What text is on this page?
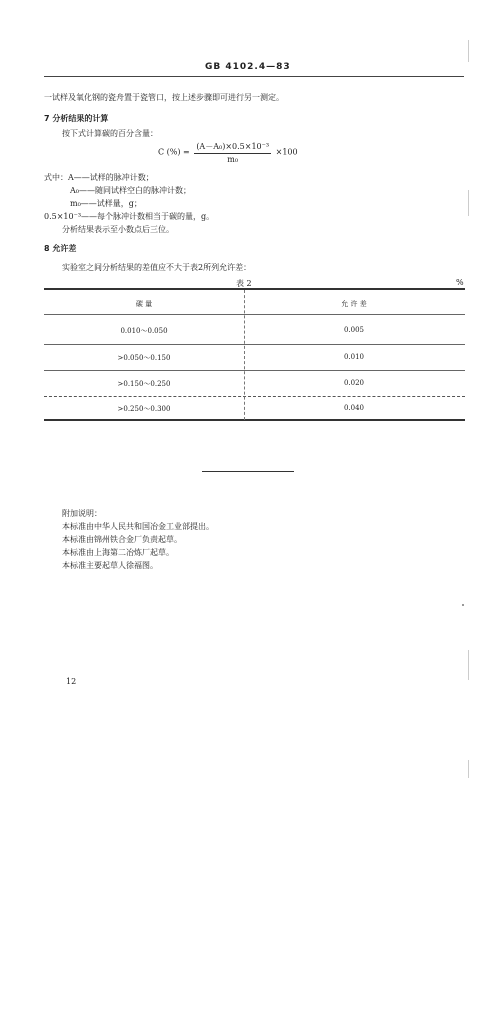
GB 4102.4—83
一试样及氧化钢的瓷舟置于瓷管口，按上述步骤即可进行另一测定。
7 分析结果的计算
按下式计算碳的百分含量：
C (%) = $\frac{\text{(A－A₀)×0.5×10⁻³}}{\text{m₀}} \times 100$
式中：A——试样的脉冲计数；
A₀——随同试样空白的脉冲计数；
m₀——试样量，g；
0.5×10⁻³——每个脉冲计数相当于碳的量，g。
分析结果表示至小数点后三位。
8 允许差
实验室之间分析结果的差值应不大于表2所列允许差：
表 2	%
碳 量	允 许 差
0.010～0.050	0.005
>0.050～0.150	0.010
>0.150～0.250	0.020
>0.250～0.300	0.040
附加说明：
本标准由中华人民共和国冶金工业部提出。
本标准由锦州铁合金厂负责起草。
本标准由上海第二冶炼厂起草。
本标准主要起草人徐福图。
12
